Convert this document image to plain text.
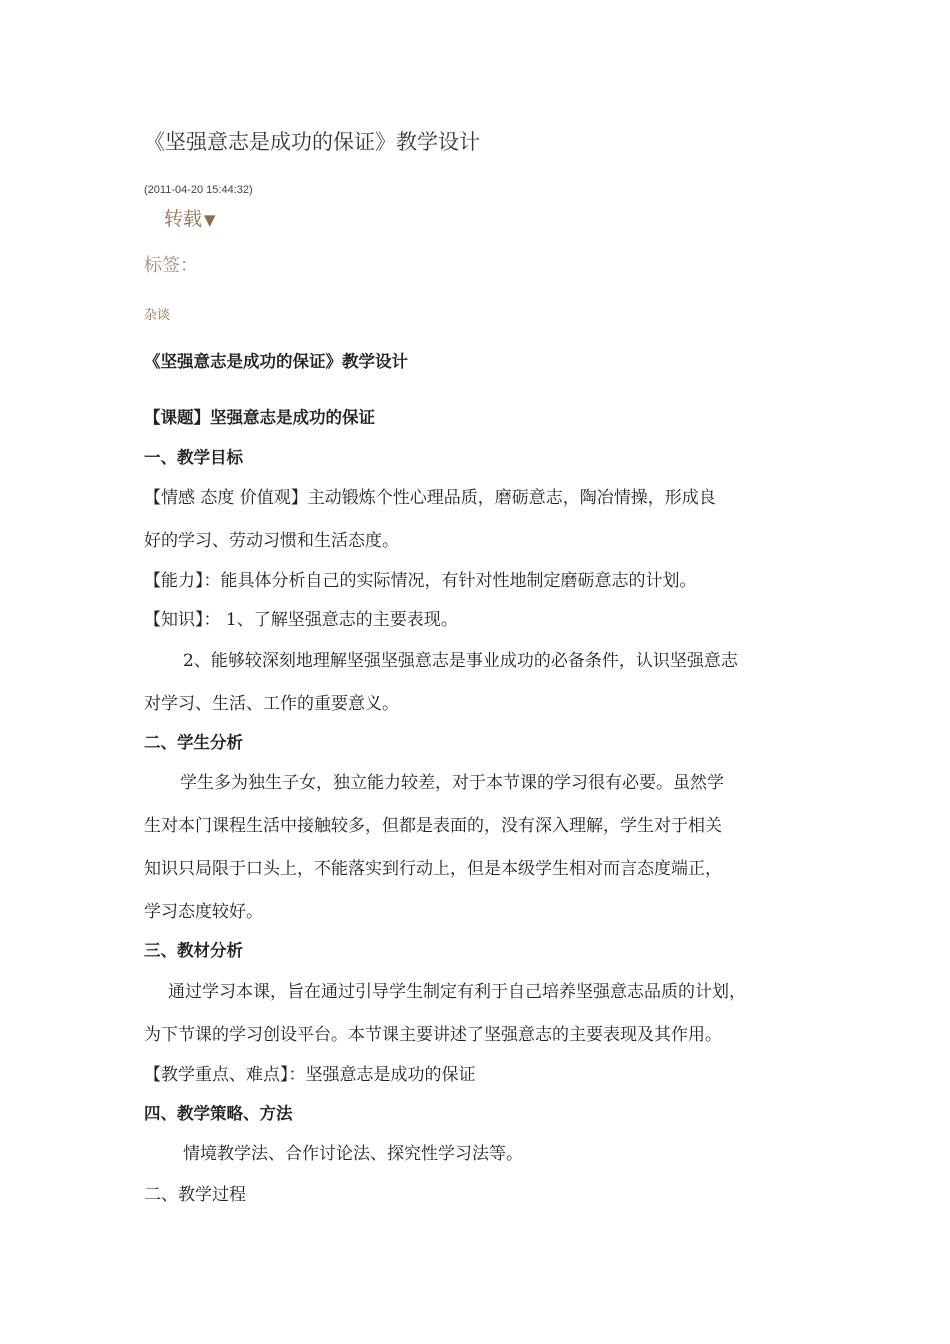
《坚强意志是成功的保证》教学设计
(2011-04-20 15:44:32)
转载 ▼
标签：
杂谈
《坚强意志是成功的保证》教学设计
【课题】坚强意志是成功的保证
一、教学目标
【情感 态度 价值观】主动锻炼个性心理品质，磨砺意志，陶冶情操，形成良
好的学习、劳动习惯和生活态度。
【能力】：能具体分析自己的实际情况，有针对性地制定磨砺意志的计划。
【知识】： 1、了解坚强意志的主要表现。
2、能够较深刻地理解坚强坚强意志是事业成功的必备条件，认识坚强意志
对学习、生活、工作的重要意义。
二、学生分析
学生多为独生子女，独立能力较差，对于本节课的学习很有必要。虽然学
生对本门课程生活中接触较多，但都是表面的，没有深入理解，学生对于相关
知识只局限于口头上，不能落实到行动上，但是本级学生相对而言态度端正，
学习态度较好。
三、教材分析
通过学习本课，旨在通过引导学生制定有利于自己培养坚强意志品质的计划，
为下节课的学习创设平台。本节课主要讲述了坚强意志的主要表现及其作用。
【教学重点、难点】：坚强意志是成功的保证
四、教学策略、方法
情境教学法、合作讨论法、探究性学习法等。
二、教学过程
